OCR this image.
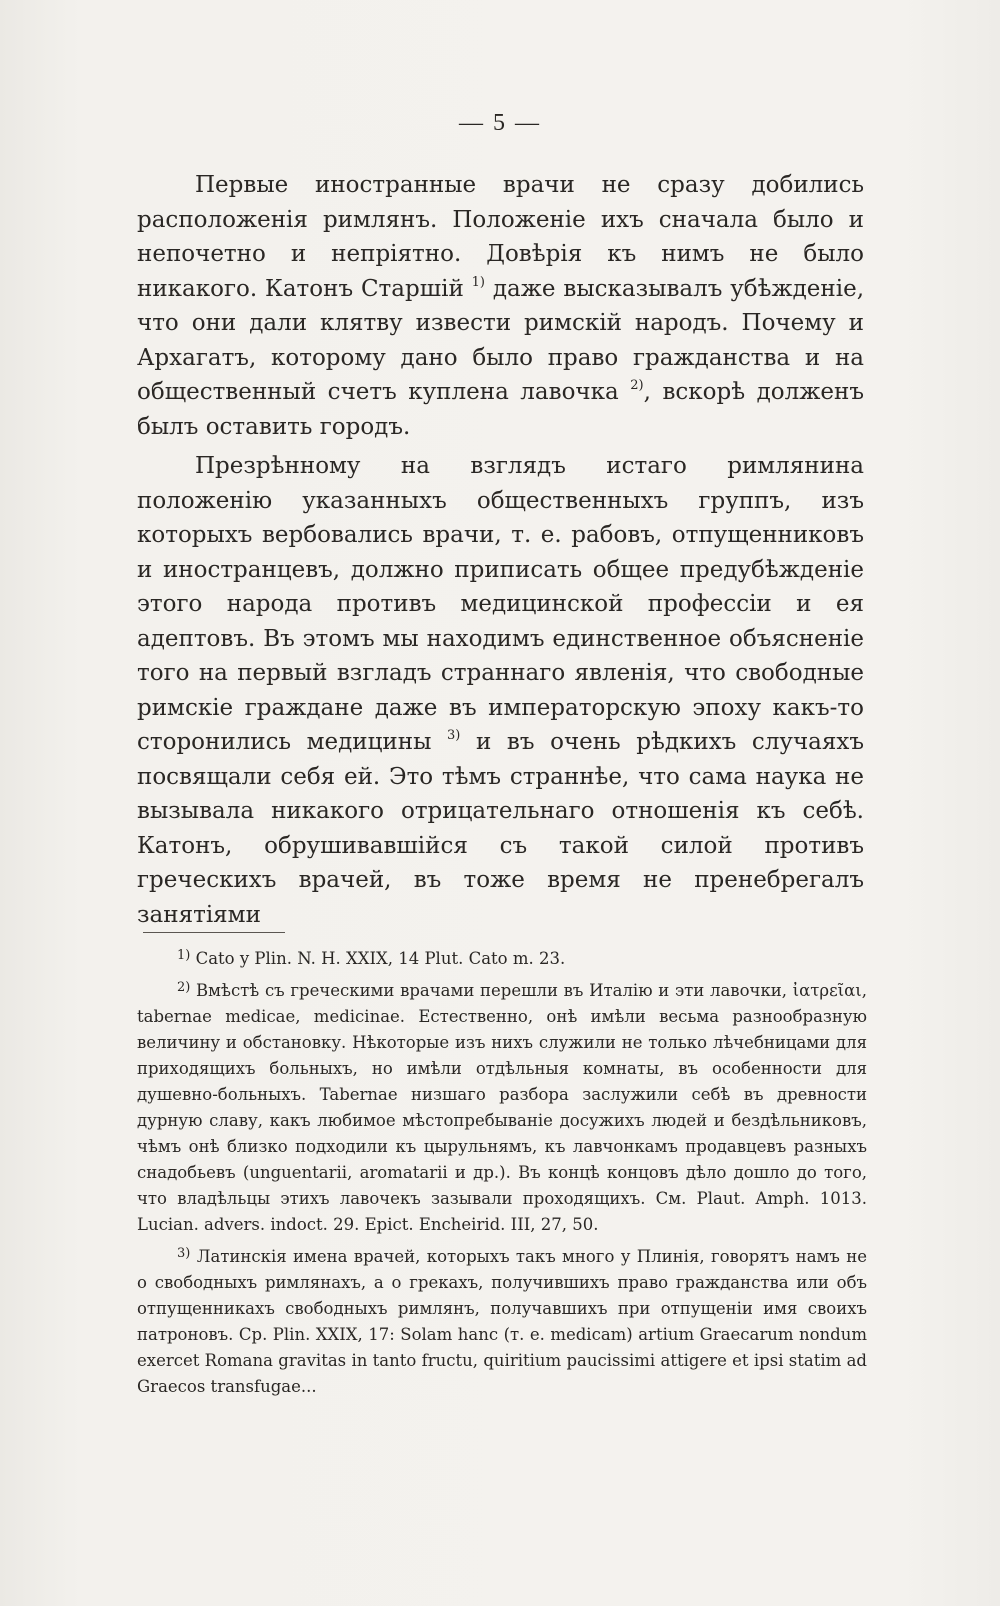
— 5 —

Первые иностранные врачи не сразу добились расположенія римлянъ. Положеніе ихъ сначала было и непочетно и непріятно. Довѣрія къ нимъ не было никакого. Катонъ Старшій $^{1)}$ даже высказывалъ убѣжденіе, что они дали клятву извести римскій народъ. Почему и Архагатъ, которому дано было право гражданства и на общественный счетъ куплена лавочка $^{2)}$, вскорѣ долженъ былъ оставить городъ.

Презрѣнному на взглядъ истаго римлянина положенію указанныхъ общественныхъ группъ, изъ которыхъ вербовались врачи, т. е. рабовъ, отпущенниковъ и иностранцевъ, должно приписать общее предубѣжденіе этого народа противъ медицинской профессіи и ея адептовъ. Въ этомъ мы находимъ единственное объясненіе того на первый взгладъ страннаго явленія, что свободные римскіе граждане даже въ императорскую эпоху какъ-то сторонились медицины $^{3)}$ и въ очень рѣдкихъ случаяхъ посвящали себя ей. Это тѣмъ страннѣе, что сама наука не вызывала никакого отрицательнаго отношенія къ себѣ. Катонъ, обрушивавшійся съ такой силой противъ греческихъ врачей, въ тоже время не пренебрегалъ занятіями

$^{1)}$ Cato y Plin. N. H. XXIX, 14 Plut. Cato m. 23.

$^{2)}$ Вмѣстѣ съ греческими врачами перешли въ Италію и эти лавочки, ἰατρεῖαι, tabernae medicae, medicinae. Естественно, онѣ имѣли весьма разнообразную величину и обстановку. Нѣкоторые изъ нихъ служили не только лѣчебницами для приходящихъ больныхъ, но имѣли отдѣльныя комнаты, въ особенности для душевно-больныхъ. Tabernae низшаго разбора заслужили себѣ въ древности дурную славу, какъ любимое мѣстопребываніе досужихъ людей и бездѣльниковъ, чѣмъ онѣ близко подходили къ цырульнямъ, къ лавчонкамъ продавцевъ разныхъ снадобьевъ (unguentarii, aromatarii и др.). Въ концѣ концовъ дѣло дошло до того, что владѣльцы этихъ лавочекъ зазывали проходящихъ. См. Plaut. Amph. 1013. Lucian. advers. indoct. 29. Epict. Encheirid. III, 27, 50.

$^{3)}$ Латинскія имена врачей, которыхъ такъ много у Плинія, говорятъ намъ не о свободныхъ римлянахъ, а о грекахъ, получившихъ право гражданства или объ отпущенникахъ свободныхъ римлянъ, получавшихъ при отпущеніи имя своихъ патроновъ. Ср. Plin. XXIX, 17: Solam hanc (т. е. medicam) artium Graecarum nondum exercet Romana gravitas in tanto fructu, quiritium paucissimi attigere et ipsi statim ad Graecos transfugae...
